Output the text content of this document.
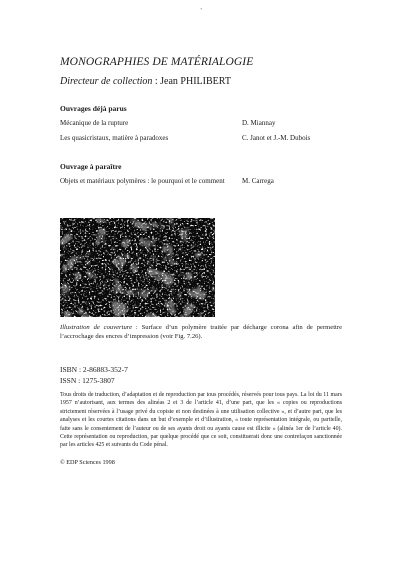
`
MONOGRAPHIES DE MATÉRIALOGIE
Directeur de collection : Jean PHILIBERT
Ouvrages déjà parus
Mécanique de la rupture	D. Miannay
Les quasicristaux, matière à paradoxes	C. Janot et J.-M. Dubois
Ouvrage à paraître
Objets et matériaux polymères : le pourquoi et le comment M. Carrega
Illustration de couverture : Surface d’un polymère traitée par décharge corona afin de permettre l’accrochage des encres d’impression (voir Fig. 7.26).
ISBN : 2-86883-352-7
ISSN : 1275-3807
Tous droits de traduction, d’adaptation et de reproduction par tous procédés, réservés pour tous pays. La loi du 11 mars 1957 n’autorisant, aux termes des alinéas 2 et 3 de l’article 41, d’une part, que les « copies ou reproductions strictement réservées à l’usage privé du copiste et non destinées à une utilisation collective », et d’autre part, que les analyses et les courtes citations dans un but d’exemple et d’illustration, « toute représentation intégrale, ou partielle, faite sans le consentement de l’auteur ou de ses ayants droit ou ayants cause est illicite » (alinéa 1er de l’article 40). Cette représentation ou reproduction, par quelque procédé que ce soit, constituerait donc une contrefaçon sanctionnée par les articles 425 et suivants du Code pénal.
© EDP Sciences 1998
